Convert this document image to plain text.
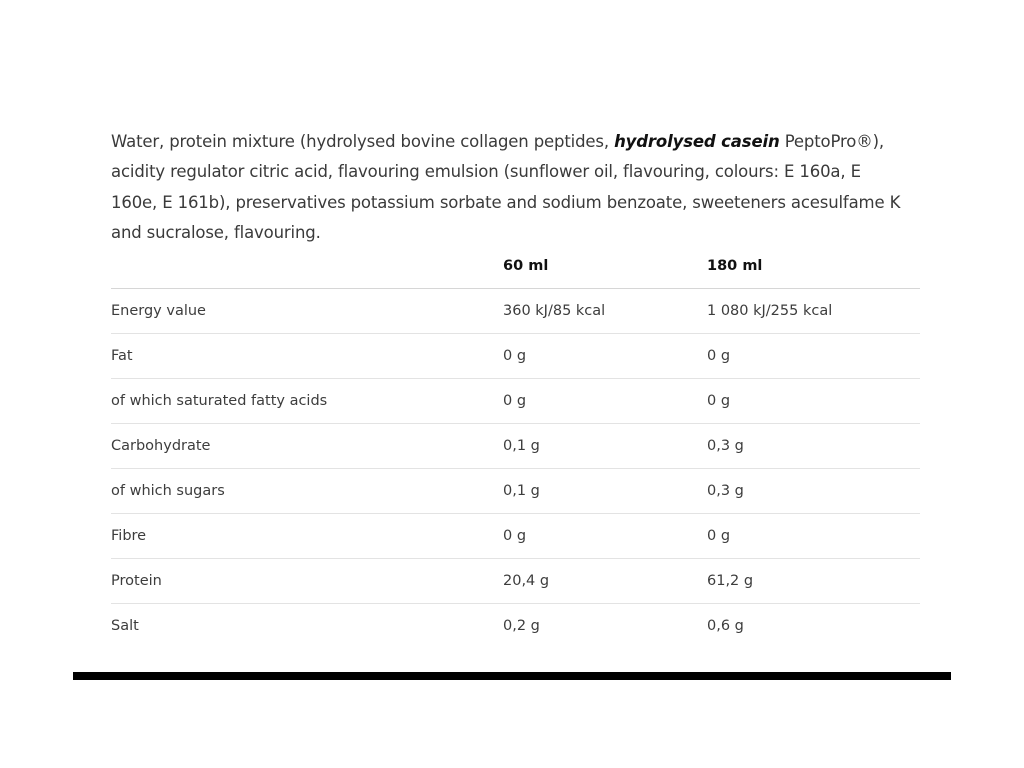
Water, protein mixture (hydrolysed bovine collagen peptides, hydrolysed casein PeptoPro®), acidity regulator citric acid, flavouring emulsion (sunflower oil, flavouring, colours: E 160a, E 160e, E 161b), preservatives potassium sorbate and sodium benzoate, sweeteners acesulfame K and sucralose, flavouring.

	60 ml	180 ml
Energy value	360 kJ/85 kcal	1 080 kJ/255 kcal
Fat	0 g	0 g
of which saturated fatty acids	0 g	0 g
Carbohydrate	0,1 g	0,3 g
of which sugars	0,1 g	0,3 g
Fibre	0 g	0 g
Protein	20,4 g	61,2 g
Salt	0,2 g	0,6 g
